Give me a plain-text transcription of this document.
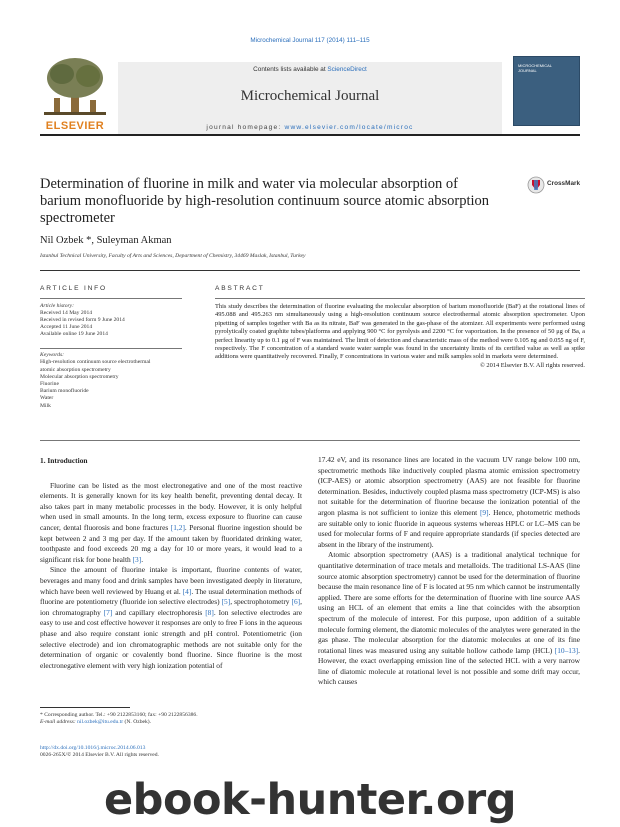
Microchemical Journal 117 (2014) 111–115
ELSEVIER
Contents lists available at ScienceDirect
Microchemical Journal
journal homepage: www.elsevier.com/locate/microc
MICROCHEMICAL JOURNAL
Determination of fluorine in milk and water via molecular absorption of barium monofluoride by high-resolution continuum source atomic absorption spectrometer
CrossMark
Nil Ozbek *, Suleyman Akman
Istanbul Technical University, Faculty of Arts and Sciences, Department of Chemistry, 34469 Maslak, Istanbul, Turkey
ARTICLE INFO
Article history:
Received 14 May 2014
Received in revised form 9 June 2014
Accepted 11 June 2014
Available online 19 June 2014
Keywords:
High-resolution continuum source electrothermal
atomic absorption spectrometry
Molecular absorption spectrometry
Fluorine
Barium monofluoride
Water
Milk
ABSTRACT
This study describes the determination of fluorine evaluating the molecular absorption of barium monofluoride (BaF) at the rotational lines of 495.088 and 495.263 nm simultaneously using a high-resolution continuum source electrothermal atomic absorption spectrometer. Upon pipetting of samples together with Ba as its nitrate, BaF was generated in the gas-phase of the atomizer. All experiments were performed using pyrolytically coated graphite tubes/platforms and applying 900 °C for pyrolysis and 2200 °C for vaporization. In the presence of 50 μg of Ba, a perfect linearity up to 0.1 μg of F was maintained. The limit of detection and characteristic mass of the method were 0.105 ng and 0.055 ng of F, respectively. The F concentration of a standard waste water sample was found in the uncertainty limits of its certified value as well as spike additions were quantitatively recovered. Finally, F concentrations in various water and milk samples sold in markets were determined.
© 2014 Elsevier B.V. All rights reserved.
1. Introduction

Fluorine can be listed as the most electronegative and one of the most reactive elements. It is generally known for its key health benefit, preventing dental decay. It also takes part in many metabolic processes in the body. However, it is only helpful when used in small amounts. In the long term, excess exposure to fluorine can cause cancer, dental fluorosis and bone fractures [1,2]. Personal fluorine ingestion should be kept between 2 and 3 mg per day. If the amount taken by fluoridated drinking water, toothpaste and food exceeds 20 mg a day for 10 or more years, it would lead to a significant risk for bone health [3].

Since the amount of fluorine intake is important, fluorine contents of water, beverages and many food and drink samples have been investigated deeply in literature, which have been well reviewed by Huang et al. [4]. The usual determination methods of fluorine are potentiometry (fluoride ion selective electrodes) [5], spectrophotometry [6], ion chromatography [7] and capillary electrophoresis [8]. Ion selective electrodes are easy to use and cost effective however it responses are only to free F ions in the aqueous phase and also require constant ionic strength and pH control. Potentiometric (ion selective electrode) and ion chromatographic methods are not suitable only for the determination of organic or covalently bond fluorine. Since fluorine is the most electronegative element with very high ionization potential of

17.42 eV, and its resonance lines are located in the vacuum UV range below 100 nm, spectrometric methods like inductively coupled plasma atomic emission spectrometry (ICP-AES) or atomic absorption spectrometry (AAS) are not feasible for fluorine determination. Besides, inductively coupled plasma mass spectrometry (ICP-MS) is also not suitable for the determination of fluorine because the ionization potential of the argon plasma is not sufficient to ionize this element [9]. Hence, photometric methods are suitable only to ionic fluoride in aqueous systems whereas HPLC or LC–MS can be used for molecular forms of F and require appropriate standards (if species detected are absent in the library of the instrument).

Atomic absorption spectrometry (AAS) is a traditional analytical technique for quantitative determination of trace metals and metalloids. The traditional LS-AAS (line source atomic absorption spectrometry) cannot be used for the determination of fluorine because the main resonance line of F is located at 95 nm which cannot be instrumentally applied. There are some efforts for the determination of fluorine with line source AAS using an HCL of an element that emits a line that coincides with the absorption spectrum of the molecule of interest. For this purpose, upon addition of a suitable molecule forming element, the diatomic molecules of the analytes were generated in the gas phase. The molecular absorption for the diatomic molecules at one of its fine rotational lines was measured using any suitable hollow cathode lamp (HCL) [10–13]. However, the exact overlapping emission line of the selected HCL with a very narrow line of diatomic molecule at rotational level is not possible and some drift may occur, which causes

* Corresponding author. Tel.: +90 2122853160; fax: +90 2122856386.
E-mail address: nil.ozbek@itu.edu.tr (N. Ozbek).
http://dx.doi.org/10.1016/j.microc.2014.06.013
0026-265X/© 2014 Elsevier B.V. All rights reserved.
ebook-hunter.org
